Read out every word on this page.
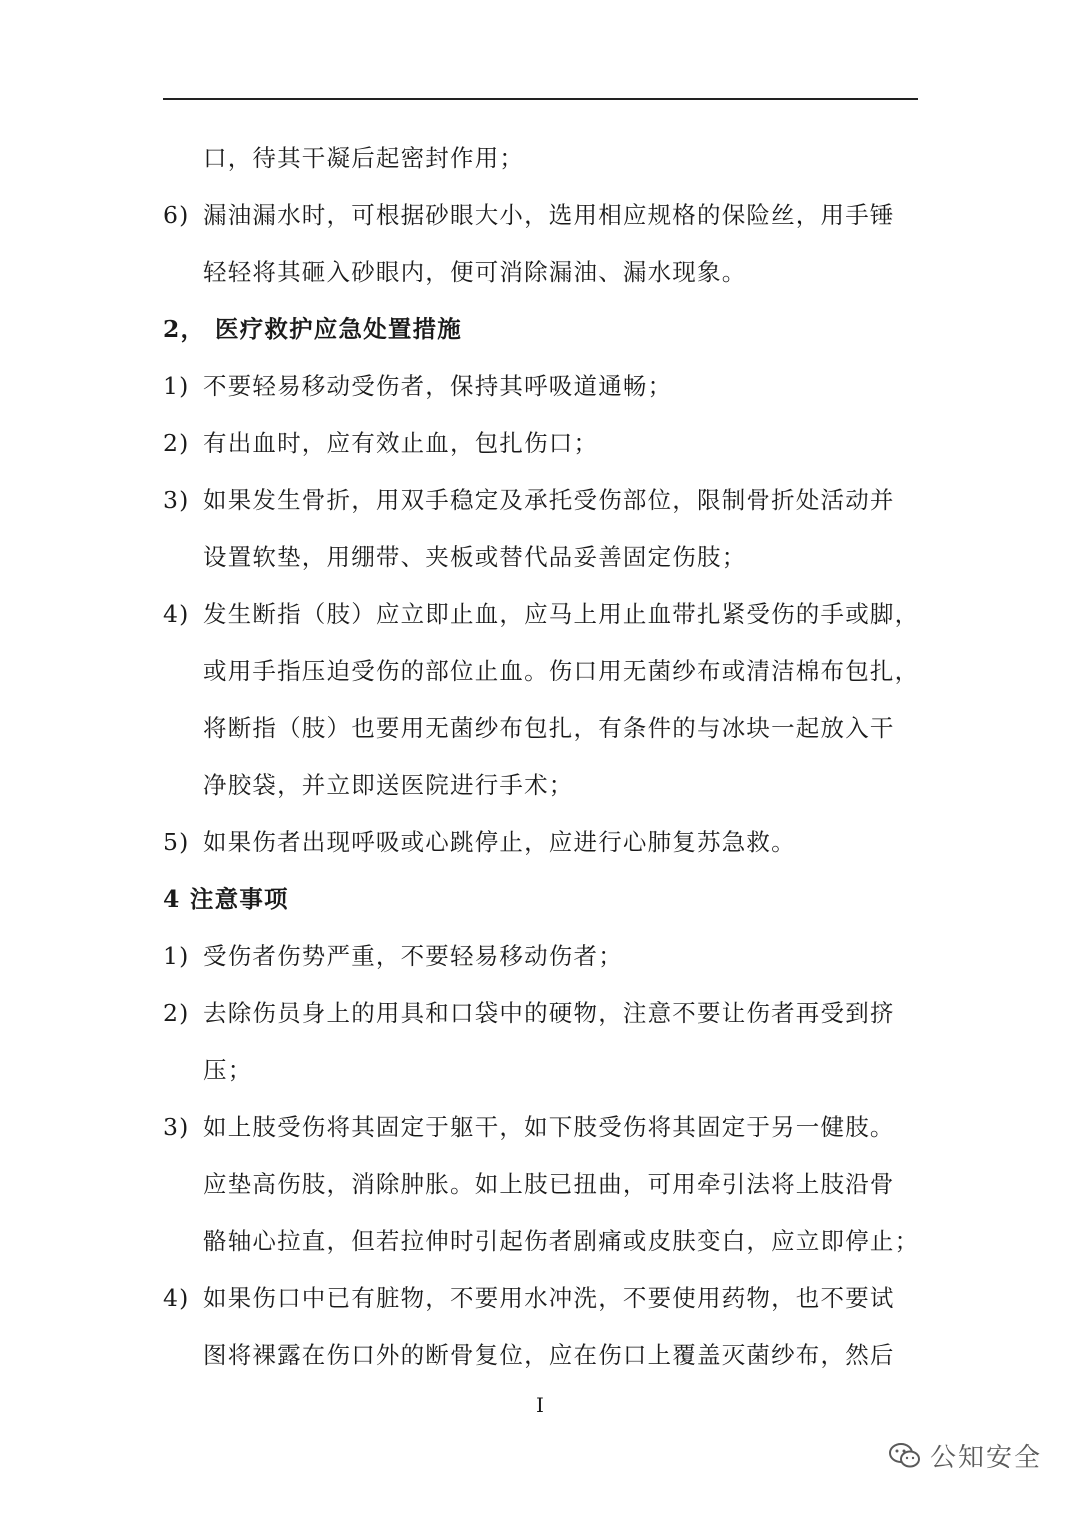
口，待其干凝后起密封作用；
6) 漏油漏水时，可根据砂眼大小，选用相应规格的保险丝，用手锤
轻轻将其砸入砂眼内，便可消除漏油、漏水现象。
2， 医疗救护应急处置措施
1) 不要轻易移动受伤者，保持其呼吸道通畅；
2) 有出血时，应有效止血，包扎伤口；
3) 如果发生骨折，用双手稳定及承托受伤部位，限制骨折处活动并
设置软垫，用绷带、夹板或替代品妥善固定伤肢；
4) 发生断指（肢）应立即止血，应马上用止血带扎紧受伤的手或脚，
或用手指压迫受伤的部位止血。伤口用无菌纱布或清洁棉布包扎，
将断指（肢）也要用无菌纱布包扎，有条件的与冰块一起放入干
净胶袋，并立即送医院进行手术；
5) 如果伤者出现呼吸或心跳停止，应进行心肺复苏急救。
4 注意事项
1) 受伤者伤势严重，不要轻易移动伤者；
2) 去除伤员身上的用具和口袋中的硬物，注意不要让伤者再受到挤
压；
3) 如上肢受伤将其固定于躯干，如下肢受伤将其固定于另一健肢。
应垫高伤肢，消除肿胀。如上肢已扭曲，可用牵引法将上肢沿骨
骼轴心拉直，但若拉伸时引起伤者剧痛或皮肤变白，应立即停止；
4) 如果伤口中已有脏物，不要用水冲洗，不要使用药物，也不要试
图将裸露在伤口外的断骨复位，应在伤口上覆盖灭菌纱布，然后
I
公知安全
